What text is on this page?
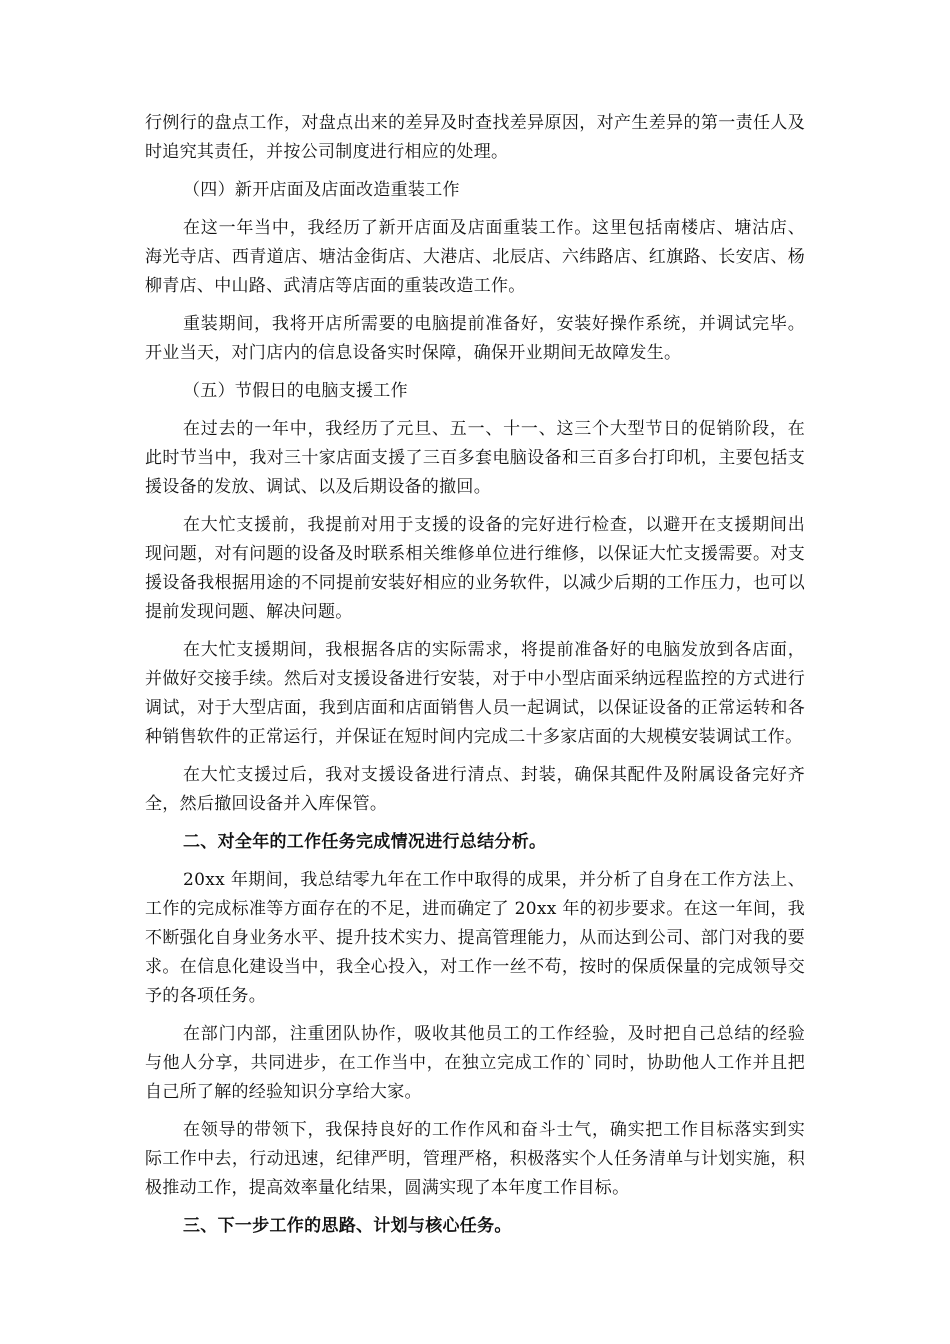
行例行的盘点工作，对盘点出来的差异及时查找差异原因，对产生差异的第一责任人及时追究其责任，并按公司制度进行相应的处理。

（四）新开店面及店面改造重装工作

在这一年当中，我经历了新开店面及店面重装工作。这里包括南楼店、塘沽店、海光寺店、西青道店、塘沽金街店、大港店、北辰店、六纬路店、红旗路、长安店、杨柳青店、中山路、武清店等店面的重装改造工作。

重装期间，我将开店所需要的电脑提前准备好，安装好操作系统，并调试完毕。开业当天，对门店内的信息设备实时保障，确保开业期间无故障发生。

（五）节假日的电脑支援工作

在过去的一年中，我经历了元旦、五一、十一、这三个大型节日的促销阶段，在此时节当中，我对三十家店面支援了三百多套电脑设备和三百多台打印机，主要包括支援设备的发放、调试、以及后期设备的撤回。

在大忙支援前，我提前对用于支援的设备的完好进行检查，以避开在支援期间出现问题，对有问题的设备及时联系相关维修单位进行维修，以保证大忙支援需要。对支援设备我根据用途的不同提前安装好相应的业务软件，以减少后期的工作压力，也可以提前发现问题、解决问题。

在大忙支援期间，我根据各店的实际需求，将提前准备好的电脑发放到各店面，并做好交接手续。然后对支援设备进行安装，对于中小型店面采纳远程监控的方式进行调试，对于大型店面，我到店面和店面销售人员一起调试，以保证设备的正常运转和各种销售软件的正常运行，并保证在短时间内完成二十多家店面的大规模安装调试工作。

在大忙支援过后，我对支援设备进行清点、封装，确保其配件及附属设备完好齐全，然后撤回设备并入库保管。

二、对全年的工作任务完成情况进行总结分析。

20xx 年期间，我总结零九年在工作中取得的成果，并分析了自身在工作方法上、工作的完成标准等方面存在的不足，进而确定了 20xx 年的初步要求。在这一年间，我不断强化自身业务水平、提升技术实力、提高管理能力，从而达到公司、部门对我的要求。在信息化建设当中，我全心投入，对工作一丝不苟，按时的保质保量的完成领导交予的各项任务。

在部门内部，注重团队协作，吸收其他员工的工作经验，及时把自己总结的经验与他人分享，共同进步，在工作当中，在独立完成工作的`同时，协助他人工作并且把自己所了解的经验知识分享给大家。

在领导的带领下，我保持良好的工作作风和奋斗士气，确实把工作目标落实到实际工作中去，行动迅速，纪律严明，管理严格，积极落实个人任务清单与计划实施，积极推动工作，提高效率量化结果，圆满实现了本年度工作目标。

三、下一步工作的思路、计划与核心任务。
